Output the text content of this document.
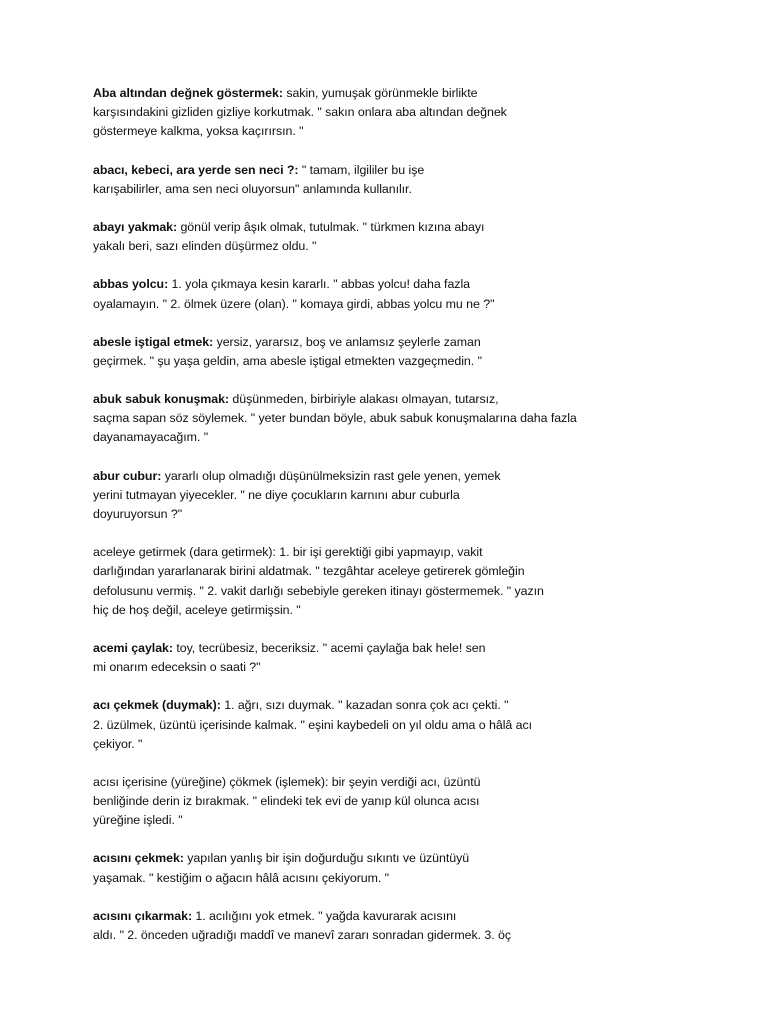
Aba altından değnek göstermek: sakin, yumuşak görünmekle birlikte
karşısındakini gizliden gizliye korkutmak. " sakın onlara aba altından değnek
göstermeye kalkma, yoksa kaçırırsın. "
abacı, kebeci, ara yerde sen neci ?: " tamam, ilgililer bu işe
karışabilirler, ama sen neci oluyorsun" anlamında kullanılır.
abayı yakmak: gönül verip âşık olmak, tutulmak. " türkmen kızına abayı
yakalı beri, sazı elinden düşürmez oldu. "
abbas yolcu: 1. yola çıkmaya kesin kararlı. " abbas yolcu! daha fazla
oyalamayın. " 2. ölmek üzere (olan). " komaya girdi, abbas yolcu mu ne ?"
abesle iştigal etmek: yersiz, yararsız, boş ve anlamsız şeylerle zaman
geçirmek. " şu yaşa geldin, ama abesle iştigal etmekten vazgeçmedin. "
abuk sabuk konuşmak: düşünmeden, birbiriyle alakası olmayan, tutarsız,
saçma sapan söz söylemek. " yeter bundan böyle, abuk sabuk konuşmalarına daha fazla
dayanamayacağım. "
abur cubur: yararlı olup olmadığı düşünülmeksizin rast gele yenen, yemek
yerini tutmayan yiyecekler. " ne diye çocukların karnını abur cuburla
doyuruyorsun ?"
aceleye getirmek (dara getirmek): 1. bir işi gerektiği gibi yapmayıp, vakit
darlığından yararlanarak birini aldatmak. " tezgâhtar aceleye getirerek gömleğin
defolusunu vermiş. " 2. vakit darlığı sebebiyle gereken itinayı göstermemek. " yazın
hiç de hoş değil, aceleye getirmişsin. "
acemi çaylak: toy, tecrübesiz, beceriksiz. " acemi çaylağa bak hele! sen
mi onarım edeceksin o saati ?"
acı çekmek (duymak): 1. ağrı, sızı duymak. " kazadan sonra çok acı çekti. "
2. üzülmek, üzüntü içerisinde kalmak. " eşini kaybedeli on yıl oldu ama o hâlâ acı
çekiyor. "
acısı içerisine (yüreğine) çökmek (işlemek): bir şeyin verdiği acı, üzüntü
benliğinde derin iz bırakmak. " elindeki tek evi de yanıp kül olunca acısı
yüreğine işledi. "
acısını çekmek: yapılan yanlış bir işin doğurduğu sıkıntı ve üzüntüyü
yaşamak. " kestiğim o ağacın hâlâ acısını çekiyorum. "
acısını çıkarmak: 1. acılığını yok etmek. " yağda kavurarak acısını
aldı. " 2. önceden uğradığı maddî ve manevî zararı sonradan gidermek. 3. öç
